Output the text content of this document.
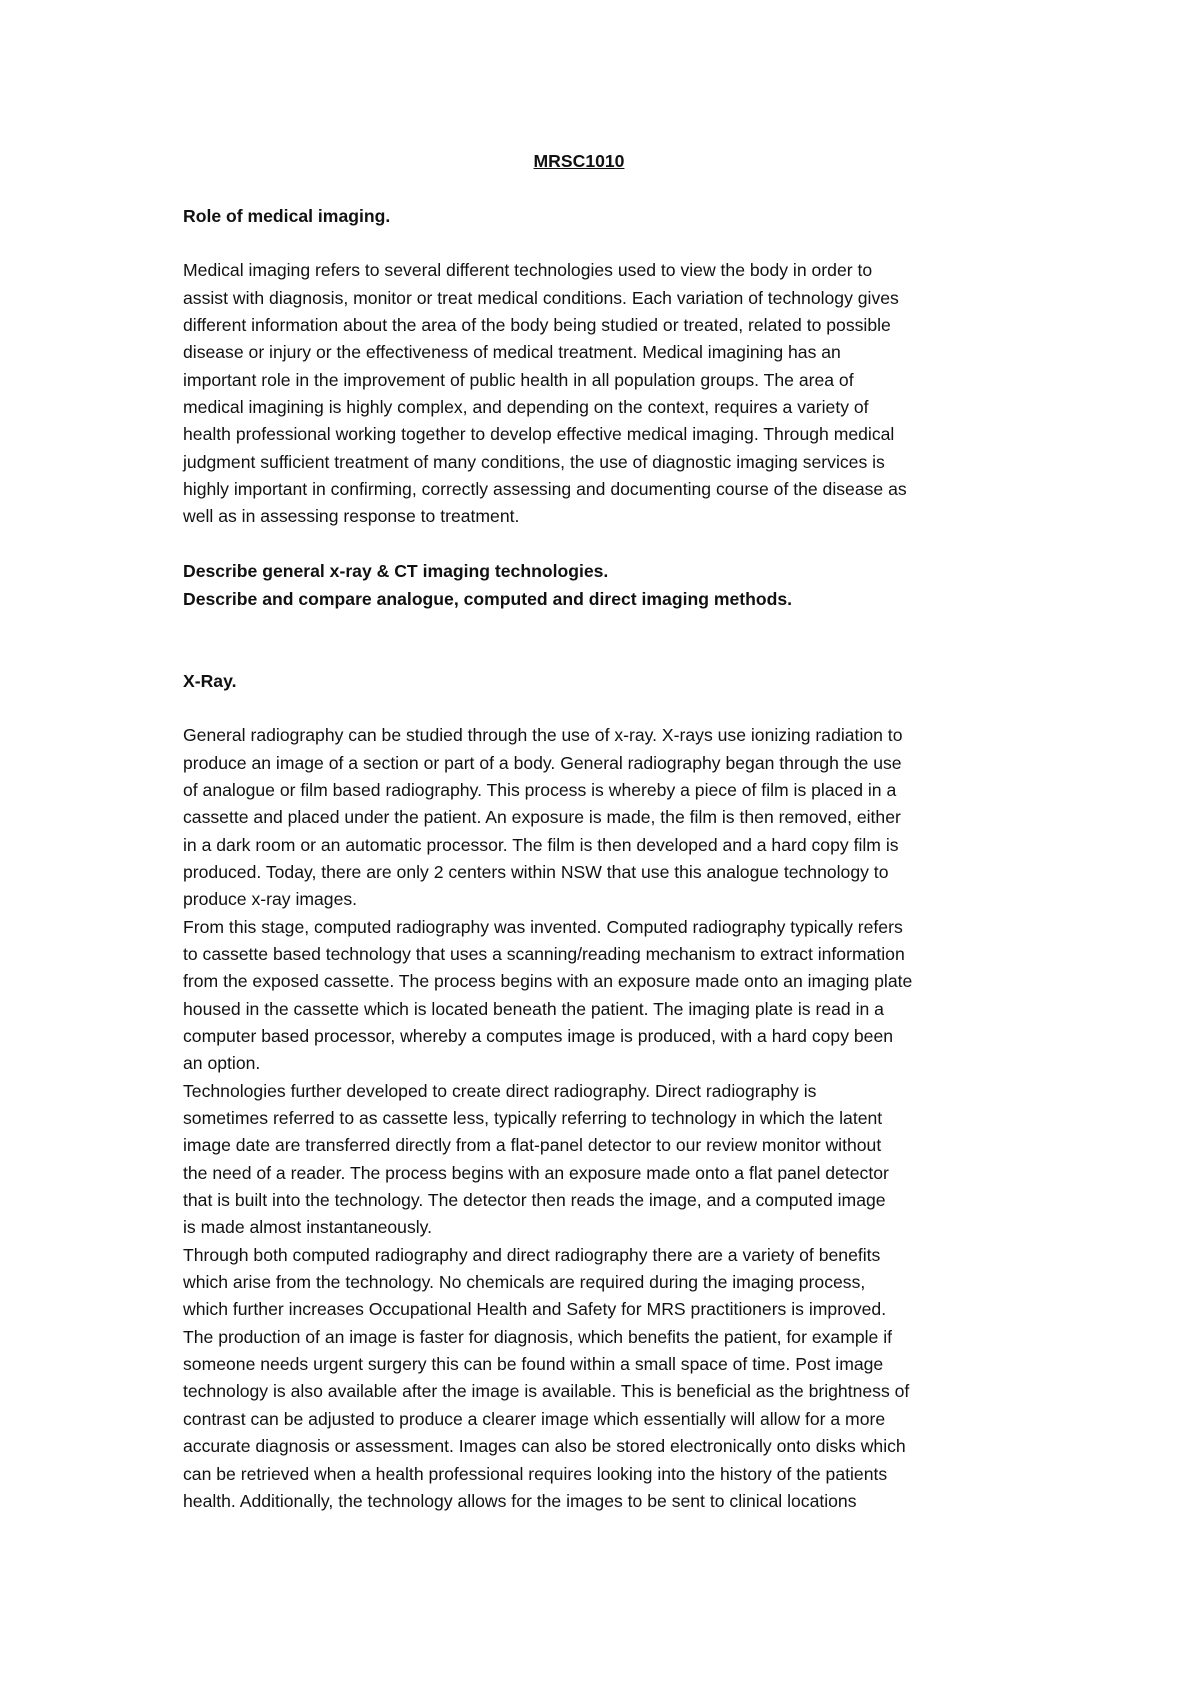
MRSC1010
Role of medical imaging.
Medical imaging refers to several different technologies used to view the body in order to
assist with diagnosis, monitor or treat medical conditions. Each variation of technology gives
different information about the area of the body being studied or treated, related to possible
disease or injury or the effectiveness of medical treatment. Medical imagining has an
important role in the improvement of public health in all population groups. The area of
medical imagining is highly complex, and depending on the context, requires a variety of
health professional working together to develop effective medical imaging. Through medical
judgment sufficient treatment of many conditions, the use of diagnostic imaging services is
highly important in confirming, correctly assessing and documenting course of the disease as
well as in assessing response to treatment.
Describe general x-ray & CT imaging technologies.
Describe and compare analogue, computed and direct imaging methods.
X-Ray.
General radiography can be studied through the use of x-ray. X-rays use ionizing radiation to
produce an image of a section or part of a body. General radiography began through the use
of analogue or film based radiography. This process is whereby a piece of film is placed in a
cassette and placed under the patient. An exposure is made, the film is then removed, either
in a dark room or an automatic processor. The film is then developed and a hard copy film is
produced. Today, there are only 2 centers within NSW that use this analogue technology to
produce x-ray images.
From this stage, computed radiography was invented. Computed radiography typically refers
to cassette based technology that uses a scanning/reading mechanism to extract information
from the exposed cassette. The process begins with an exposure made onto an imaging plate
housed in the cassette which is located beneath the patient. The imaging plate is read in a
computer based processor, whereby a computes image is produced, with a hard copy been
an option.
Technologies further developed to create direct radiography. Direct radiography is
sometimes referred to as cassette less, typically referring to technology in which the latent
image date are transferred directly from a flat-panel detector to our review monitor without
the need of a reader. The process begins with an exposure made onto a flat panel detector
that is built into the technology. The detector then reads the image, and a computed image
is made almost instantaneously.
Through both computed radiography and direct radiography there are a variety of benefits
which arise from the technology. No chemicals are required during the imaging process,
which further increases Occupational Health and Safety for MRS practitioners is improved.
The production of an image is faster for diagnosis, which benefits the patient, for example if
someone needs urgent surgery this can be found within a small space of time. Post image
technology is also available after the image is available. This is beneficial as the brightness of
contrast can be adjusted to produce a clearer image which essentially will allow for a more
accurate diagnosis or assessment. Images can also be stored electronically onto disks which
can be retrieved when a health professional requires looking into the history of the patients
health. Additionally, the technology allows for the images to be sent to clinical locations
